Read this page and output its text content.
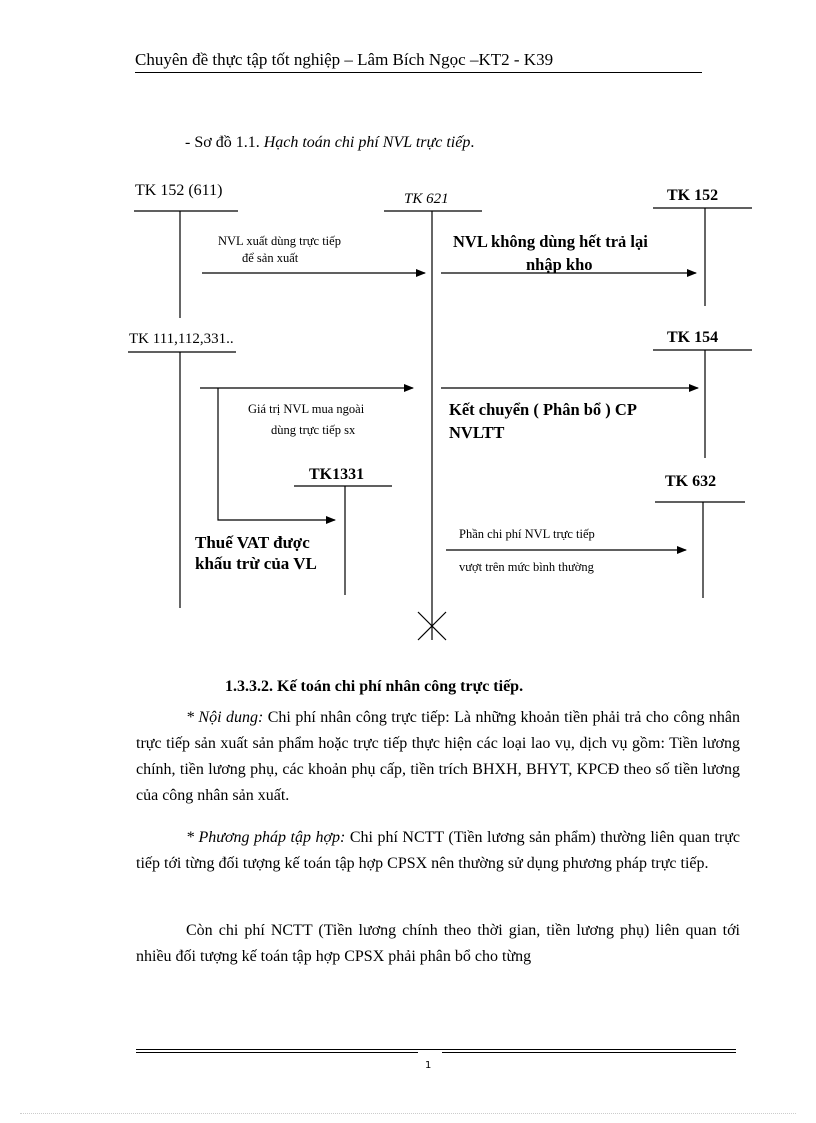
Chuyên đề thực tập tốt nghiệp – Lâm Bích Ngọc –KT2 - K39
- Sơ đồ 1.1. Hạch toán chi phí NVL trực tiếp.
TK 152 (611)	TK 621	TK 152
TK 111,112,331..	TK 154
TK1331	TK 632
NVL xuất dùng trực tiếp
để sản xuất
NVL không dùng hết trả lại
nhập kho
Giá trị NVL mua ngoài
dùng trực tiếp sx
Kết chuyển ( Phân bổ ) CP
NVLTT
Thuế VAT được
khấu trừ của VL
Phần chi phí NVL trực tiếp
vượt trên mức bình thường
1.3.3.2. Kế toán chi phí nhân công trực tiếp.

* Nội dung: Chi phí nhân công trực tiếp: Là những khoản tiền phải trả cho công nhân trực tiếp sản xuất sản phẩm hoặc trực tiếp thực hiện các loại lao vụ, dịch vụ gồm: Tiền lương chính, tiền lương phụ, các khoản phụ cấp, tiền trích BHXH, BHYT, KPCĐ theo số tiền lương của công nhân sản xuất.

* Phương pháp tập hợp: Chi phí NCTT (Tiền lương sản phẩm) thường liên quan trực tiếp tới từng đối tượng kế toán tập hợp CPSX nên thường sử dụng phương pháp trực tiếp.

Còn chi phí NCTT (Tiền lương chính theo thời gian, tiền lương phụ) liên quan tới nhiều đối tượng kế toán tập hợp CPSX phải phân bổ cho từng

1
